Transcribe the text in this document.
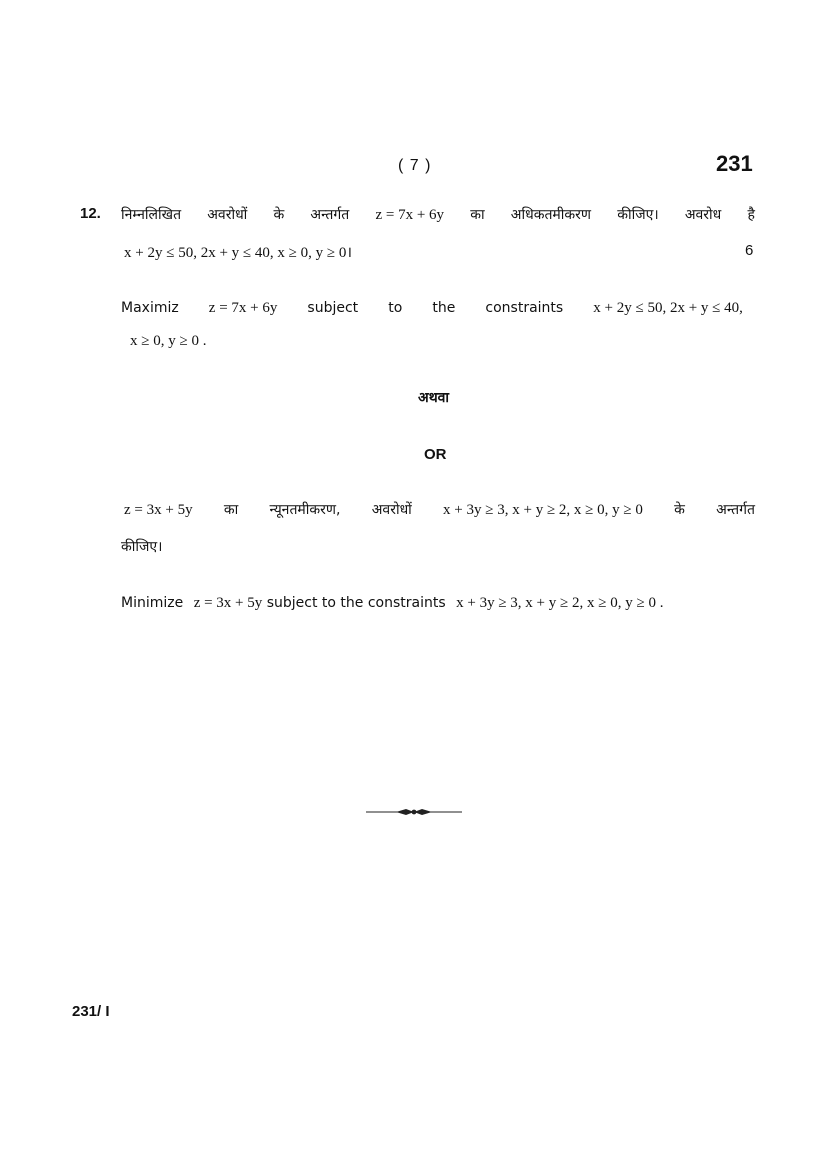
( 7 )	231
12. निम्नलिखित अवरोधों के अन्तर्गत z = 7x + 6y का अधिकतमीकरण कीजिए। अवरोध है
x + 2y ≤ 50, 2x + y ≤ 40, x ≥ 0, y ≥ 0।	6
Maximiz z = 7x + 6y subject to the constraints x + 2y ≤ 50, 2x + y ≤ 40,
x ≥ 0, y ≥ 0 .
अथवा
OR
z = 3x + 5y का न्यूनतमीकरण, अवरोधों x + 3y ≥ 3, x + y ≥ 2, x ≥ 0, y ≥ 0 के अन्तर्गत
कीजिए।
Minimize z = 3x + 5y subject to the constraints x + 3y ≥ 3, x + y ≥ 2, x ≥ 0, y ≥ 0 .
231/ I
